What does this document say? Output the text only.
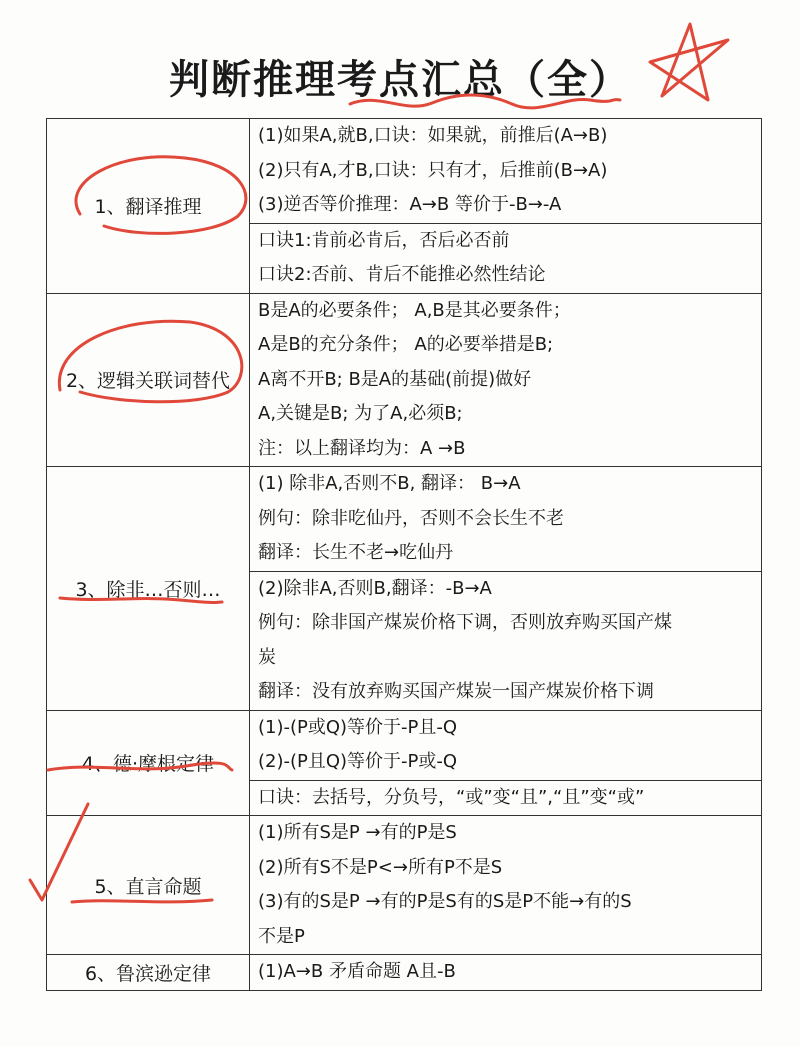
判断推理考点汇总（全）
1、翻译推理	(1)如果A,就B,口诀：如果就，前推后(A→B)
(2)只有A,才B,口诀：只有才，后推前(B→A)
(3)逆否等价推理：A→B 等价于-B→-A

	口诀1:肯前必肯后，否后必否前
口诀2:否前、肯后不能推必然性结论

2、逻辑关联词替代	B是A的必要条件； A,B是其必要条件；
A是B的充分条件； A的必要举措是B;
A离不开B; B是A的基础(前提)做好
A,关键是B; 为了A,必须B;
注：以上翻译均为：A →B

3、除非…否则…	(1) 除非A,否则不B, 翻译： B→A
例句：除非吃仙丹，否则不会长生不老
翻译：长生不老→吃仙丹

	(2)除非A,否则B,翻译：-B→A
例句：除非国产煤炭价格下调，否则放弃购买国产煤
炭
翻译：没有放弃购买国产煤炭一国产煤炭价格下调

4、德·摩根定律	(1)-(P或Q)等价于-P且-Q
(2)-(P且Q)等价于-P或-Q

	口诀：去括号，分负号，“或”变“且”,“且”变“或”

5、直言命题	(1)所有S是P →有的P是S
(2)所有S不是P<→所有P不是S
(3)有的S是P →有的P是S有的S是P不能→有的S
不是P

6、鲁滨逊定律	(1)A→B 矛盾命题 A且-B
